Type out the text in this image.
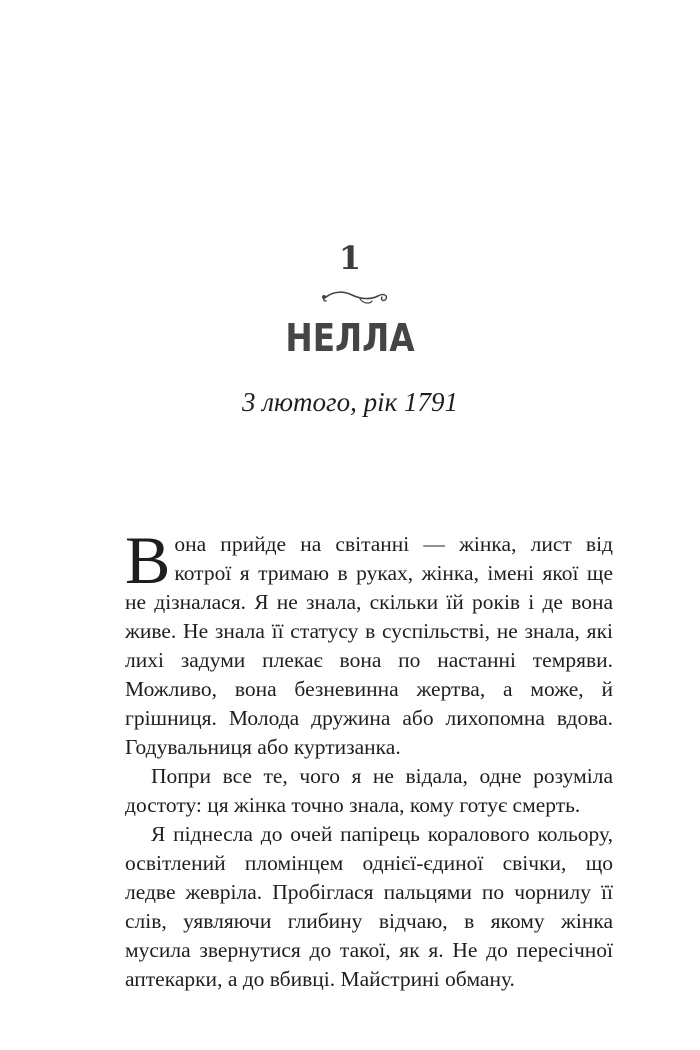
1
НЕЛЛА
3 лютого, рік 1791

Вона прийде на світанні — жінка, лист від котрої я тримаю в руках, жінка, імені якої ще не дізналася. Я не знала, скільки їй років і де вона живе. Не знала її статусу в суспільстві, не знала, які лихі задуми плекає вона по настанні темряви. Можливо, вона безневинна жертва, а може, й грішниця. Молода дружина або лихопомна вдова. Годувальниця або куртизанка.

Попри все те, чого я не відала, одне розуміла достоту: ця жінка точно знала, кому готує смерть.

Я піднесла до очей папірець коралового кольору, освітлений пломінцем однієї-єдиної свічки, що ледве жевріла. Пробіглася пальцями по чорнилу її слів, уявляючи глибину відчаю, в якому жінка мусила звернутися до такої, як я. Не до пересічної аптекарки, а до вбивці. Майстрині обману.
